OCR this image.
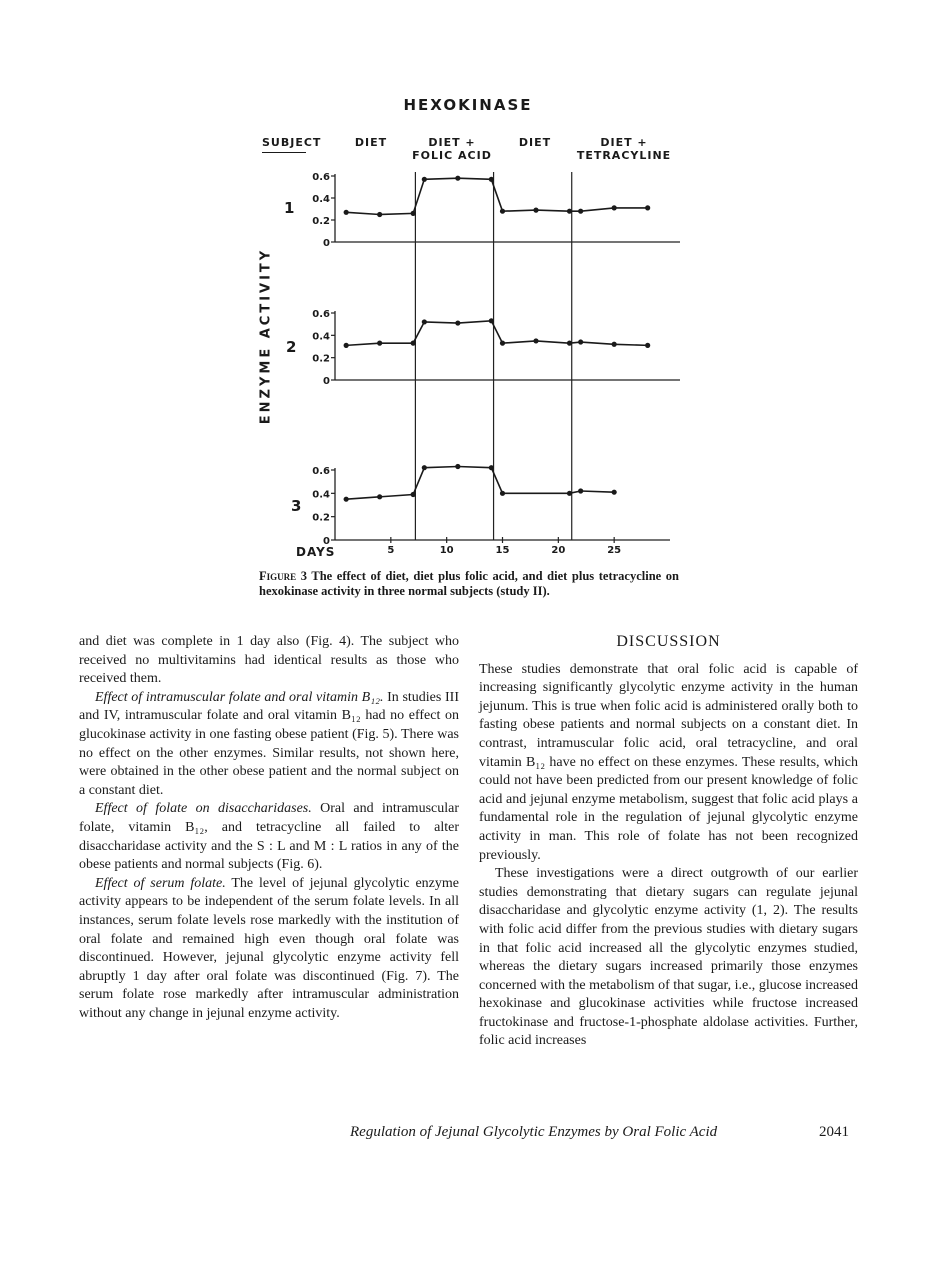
HEXOKINASE
SUBJECT	DIET	DIET +
FOLIC ACID
DIET	DIET +
TETRACYLINE
ENZYME ACTIVITY
0
0.2
0.4
0.6
0
0.2
0.4
0.6
0
0.2
0.4
0.6
5	10	15	20	25
1
2
3
DAYS
Figure 3 The effect of diet, diet plus folic acid, and diet plus tetracycline on hexokinase activity in three normal subjects (study II).

and diet was complete in 1 day also (Fig. 4). The subject who received no multivitamins had identical results as those who received them.

Effect of intramuscular folate and oral vitamin B₁₂. In studies III and IV, intramuscular folate and oral vitamin B₁₂ had no effect on glucokinase activity in one fasting obese patient (Fig. 5). There was no effect on the other enzymes. Similar results, not shown here, were obtained in the other obese patient and the normal subject on a constant diet.

Effect of folate on disaccharidases. Oral and intramuscular folate, vitamin B₁₂, and tetracycline all failed to alter disaccharidase activity and the S : L and M : L ratios in any of the obese patients and normal subjects (Fig. 6).

Effect of serum folate. The level of jejunal glycolytic enzyme activity appears to be independent of the serum folate levels. In all instances, serum folate levels rose markedly with the institution of oral folate and remained high even though oral folate was discontinued. However, jejunal glycolytic enzyme activity fell abruptly 1 day after oral folate was discontinued (Fig. 7). The serum folate rose markedly after intramuscular administration without any change in jejunal enzyme activity.

DISCUSSION

These studies demonstrate that oral folic acid is capable of increasing significantly glycolytic enzyme activity in the human jejunum. This is true when folic acid is administered orally both to fasting obese patients and normal subjects on a constant diet. In contrast, intramuscular folic acid, oral tetracycline, and oral vitamin B₁₂ have no effect on these enzymes. These results, which could not have been predicted from our present knowledge of folic acid and jejunal enzyme metabolism, suggest that folic acid plays a fundamental role in the regulation of jejunal glycolytic enzyme activity in man. This role of folate has not been recognized previously.

These investigations were a direct outgrowth of our earlier studies demonstrating that dietary sugars can regulate jejunal disaccharidase and glycolytic enzyme activity (1, 2). The results with folic acid differ from the previous studies with dietary sugars in that folic acid increased all the glycolytic enzymes studied, whereas the dietary sugars increased primarily those enzymes concerned with the metabolism of that sugar, i.e., glucose increased hexokinase and glucokinase activities while fructose increased fructokinase and fructose-1-phosphate aldolase activities. Further, folic acid increases

Regulation of Jejunal Glycolytic Enzymes by Oral Folic Acid	2041
